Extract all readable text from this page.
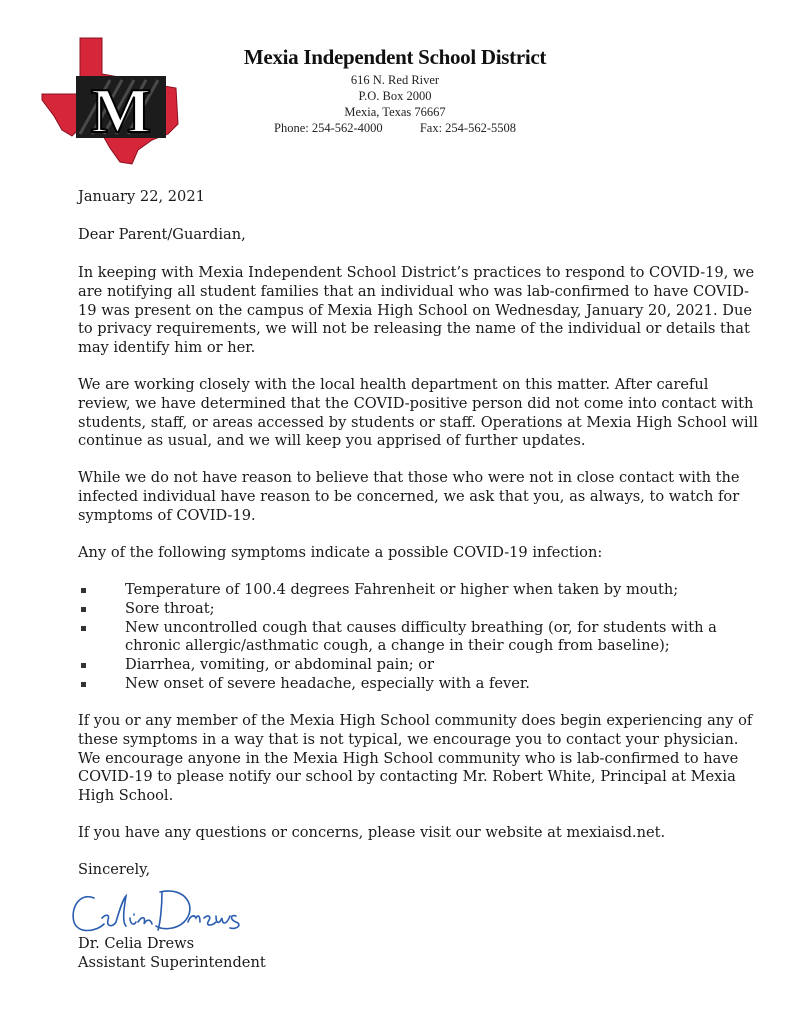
M
Mexia Independent School District
616 N. Red River
P.O. Box 2000
Mexia, Texas 76667
Phone: 254-562-4000	Fax: 254-562-5508
January 22, 2021
Dear Parent/Guardian,
In keeping with Mexia Independent School District’s practices to respond to COVID-19, we are notifying all student families that an individual who was lab-confirmed to have COVID-19 was present on the campus of Mexia High School on Wednesday, January 20, 2021. Due to privacy requirements, we will not be releasing the name of the individual or details that may identify him or her.
We are working closely with the local health department on this matter. After careful review, we have determined that the COVID-positive person did not come into contact with students, staff, or areas accessed by students or staff. Operations at Mexia High School will continue as usual, and we will keep you apprised of further updates.
While we do not have reason to believe that those who were not in close contact with the infected individual have reason to be concerned, we ask that you, as always, to watch for symptoms of COVID-19.
Any of the following symptoms indicate a possible COVID-19 infection:
Temperature of 100.4 degrees Fahrenheit or higher when taken by mouth;
Sore throat;
New uncontrolled cough that causes difficulty breathing (or, for students with a chronic allergic/asthmatic cough, a change in their cough from baseline);
Diarrhea, vomiting, or abdominal pain; or
New onset of severe headache, especially with a fever.
If you or any member of the Mexia High School community does begin experiencing any of these symptoms in a way that is not typical, we encourage you to contact your physician. We encourage anyone in the Mexia High School community who is lab-confirmed to have COVID-19 to please notify our school by contacting Mr. Robert White, Principal at Mexia High School.
If you have any questions or concerns, please visit our website at mexiaisd.net.
Sincerely,
Dr. Celia Drews
Assistant Superintendent
